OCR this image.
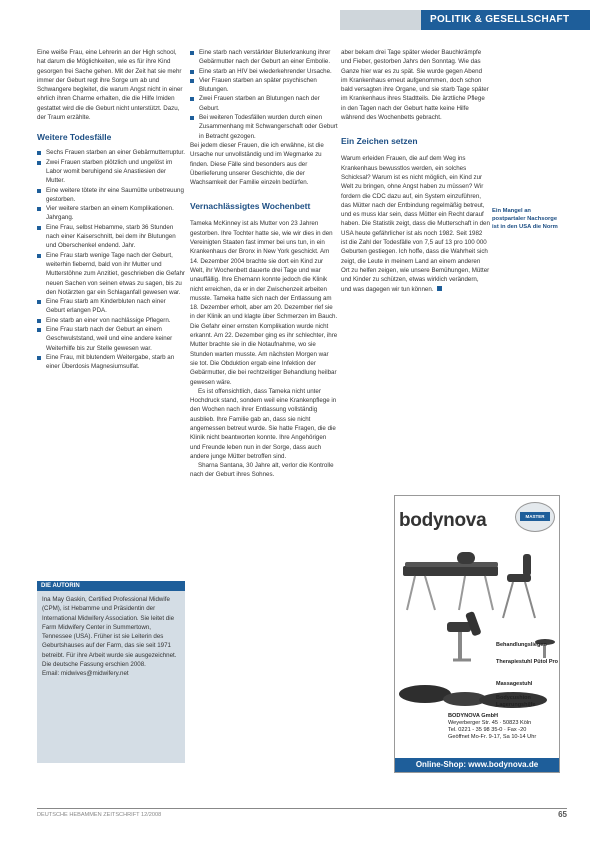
POLITIK & GESELLSCHAFT

Eine weiße Frau, eine Lehrerin an der High school, hat darum die Möglichkeiten, wie es für ihre Kind gesorgen frei Sache gehen. Mit der Zeit hat sie mehr immer der Geburt regt ihre Sorge um ab und Schwangere begleitet, die warum Angst nicht in einer ehrlich ihren Charme erhalten, die die Hilfe Imiden gestattet wird die die Geburt nicht unterstützt. Dazu, der Traum erzählte.

Weitere Todesfälle
Sechs Frauen starben an einer Gebärmutterruptur.
Zwei Frauen starben plötzlich und ungelöst im Labor womit beruhigend sie Anastiesien der Mutter.
Eine weitere tötete ihr eine Saumütte unbetreuung gestorben.
Vier weitere starben an einem Komplikationen. Jahrgang.
Eine Frau, selbst Hebamme, starb 36 Stunden nach einer Kaiserschnitt, bei dem ihr Blutungen und Oberschenkel endend. Jahr.
Eine Frau starb wenige Tage nach der Geburt, weiterhin fiebernd, bald von ihr Mutter und Mutterstöhne zum Anzitiet, geschrieben die Gefahr neuen Sachen von seinen etwas zu sagen, bis zu den Notärzten gar ein Schlaganfall gewesen war.
Eine Frau starb am Kinderbluten nach einer Geburt erlangen PDA.
Eine starb an einer von nachlässige Pflegern.
Eine Frau starb nach der Geburt an einem Geschwulststand, weil und eine andere keiner Weiterhilfe bis zur Stelle gewesen war.
Eine Frau, mit blutendem Weitergabe, starb an einer Überdosis Magnesiumsulfat.
DIE AUTORIN
Ina May Gaskin, Certified Professional Midwife (CPM), ist Hebamme und Präsidentin der International Midwifery Association. Sie leitet die Farm Midwifery Center in Summertown, Tennessee (USA). Früher ist sie Leiterin des Geburtshauses auf der Farm, das sie seit 1971 betreibt. Für ihre Arbeit wurde sie ausgezeichnet. Die deutsche Fassung erschien 2008.
Email: midwives@midwifery.net
Eine starb nach verstärkter Bluterkrankung ihrer Gebärmutter nach der Geburt an einer Embolie.
Eine starb an HIV bei wiederkehrender Ursache.
Vier Frauen starben an später psychischen Blutungen.
Zwei Frauen starben an Blutungen nach der Geburt.
Bei weiteren Todesfällen wurden durch einen Zusammenhang mit Schwangerschaft oder Geburt in Betracht gezogen.

Bei jedem dieser Frauen, die ich erwähne, ist die Ursache nur unvollständig und im Wegmarke zu finden. Diese Fälle sind besonders aus der Überlieferung unserer Geschichte, die der Wachsamkeit der Familie einzeln bedürfen.

Vernachlässigtes Wochenbett

Tameka McKinney ist als Mutter von 23 Jahren gestorben. Ihre Tochter hatte sie, wie wir dies in den Vereinigten Staaten fast immer bei uns tun, in ein Krankenhaus der Bronx in New York geschickt. Am 14. Dezember 2004 brachte sie dort ein Kind zur Welt, ihr Wochenbett dauerte drei Tage und war unauffällig. Ihre Ehemann konnte jedoch die Klinik nicht erreichen, da er in der Zwischenzeit arbeiten musste. Tameka hatte sich nach der Entlassung am 18. Dezember erholt, aber am 20. Dezember rief sie in der Klinik an und klagte über Schmerzen im Bauch. Die Gefahr einer ernsten Komplikation wurde nicht erkannt. Am 22. Dezember ging es ihr schlechter, ihre Mutter brachte sie in die Notaufnahme, wo sie Stunden warten musste. Am nächsten Morgen war sie tot. Die Obduktion ergab eine Infektion der Gebärmutter, die bei rechtzeitiger Behandlung heilbar gewesen wäre.

Es ist offensichtlich, dass Tameka nicht unter Hochdruck stand, sondern weil eine Krankenpflege in den Wochen nach ihrer Entlassung vollständig ausblieb. Ihre Familie gab an, dass sie nicht angemessen betreut wurde. Sie hatte Fragen, die die Klinik nicht beantworten konnte. Ihre Angehörigen und Freunde leben nun in der Sorge, dass auch andere junge Mütter betroffen sind.

Sharna Santana, 30 Jahre alt, verlor die Kontrolle nach der Geburt ihres Sohnes.

aber bekam drei Tage später wieder Bauchkrämpfe und Fieber, gestorben Jahrs den Sonntag. Wie das Ganze hier war es zu spät. Sie wurde gegen Abend im Krankenhaus erneut aufgenommen, doch schon bald versagten ihre Organe, und sie starb Tage später im Krankenhaus ihres Stadtteils. Die ärztliche Pflege in den Tagen nach der Geburt hatte keine Hilfe während des Wochenbetts gebracht.

Ein Zeichen setzen

Warum erleiden Frauen, die auf dem Weg ins Krankenhaus bewusstlos werden, ein solches Schicksal? Warum ist es nicht möglich, ein Kind zur Welt zu bringen, ohne Angst haben zu müssen? Wir fordern die CDC dazu auf, ein System einzuführen, das Mütter nach der Entbindung regelmäßig betreut, und es muss klar sein, dass Mütter ein Recht darauf haben. Die Statistik zeigt, dass die Mutterschaft in den USA heute gefährlicher ist als noch 1982. Seit 1982 ist die Zahl der Todesfälle von 7,5 auf 13 pro 100 000 Geburten gestiegen. Ich hoffe, dass die Wahrheit sich zeigt, die Leute in meinem Land an einem anderen Ort zu helfen zeigen, wie unsere Bemühungen, Mütter und Kinder zu schützen, etwas wirklich verändern, und was dagegen wir tun können.

Ein Mangel an postpartaler Nachsorge ist in den USA die Norm
bodynova	MASTER
Behandlungsliegen
Therapiestuhl Pütol Pro
Massagestuhl
Bodycushion Lagerungshilfe
BODYNOVA GmbH
Weyerberger Str. 45 · 50823 Köln
Tel. 0221 - 35 98 35-0 · Fax -20
Geöffnet Mo-Fr. 9-17, Sa 10-14 Uhr
Online-Shop: www.bodynova.de
DEUTSCHE HEBAMMEN ZEITSCHRIFT 12/2008	65
